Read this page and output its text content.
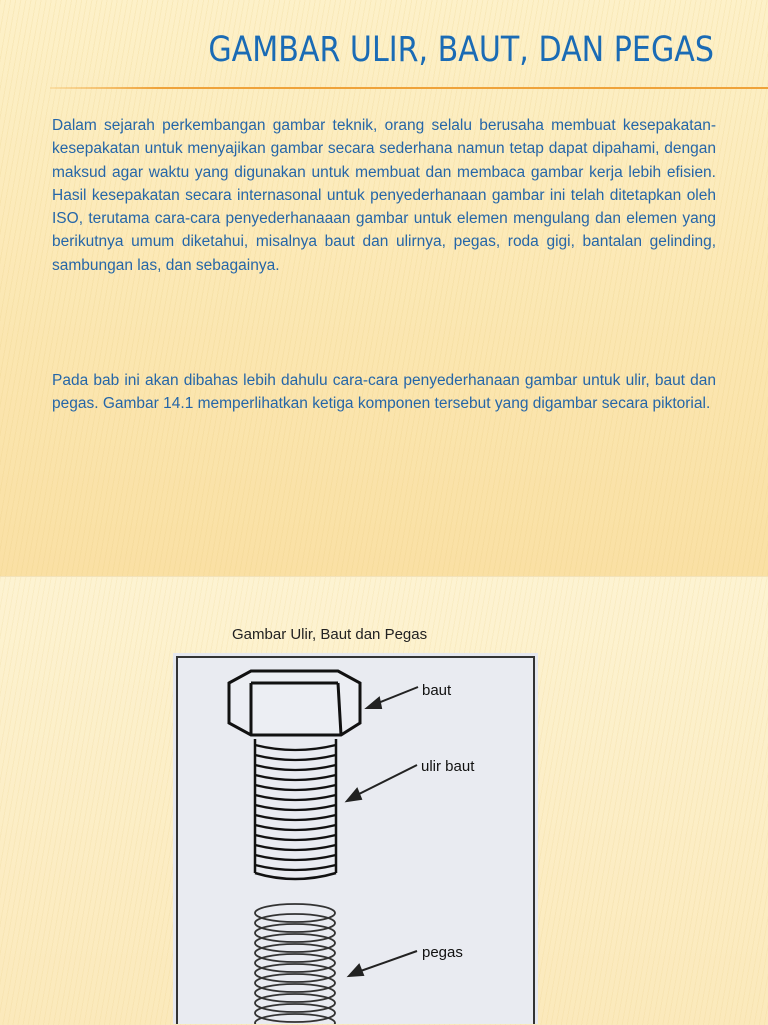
GAMBAR ULIR, BAUT, DAN PEGAS
Dalam sejarah perkembangan gambar teknik, orang selalu berusaha membuat kesepakatan-kesepakatan untuk menyajikan gambar secara sederhana namun tetap dapat dipahami, dengan maksud agar waktu yang digunakan untuk membuat dan membaca gambar kerja lebih efisien. Hasil kesepakatan secara internasonal untuk penyederhanaan gambar ini telah ditetapkan oleh ISO, terutama cara-cara penyederhanaaan gambar untuk elemen mengulang dan elemen yang berikutnya umum diketahui, misalnya baut dan ulirnya, pegas, roda gigi, bantalan gelinding, sambungan las, dan sebagainya.
Pada bab ini akan dibahas lebih dahulu cara-cara penyederhanaan gambar untuk ulir, baut dan pegas. Gambar 14.1 memperlihatkan ketiga komponen tersebut yang digambar secara piktorial.
Gambar Ulir, Baut dan Pegas
baut
ulir baut
pegas
